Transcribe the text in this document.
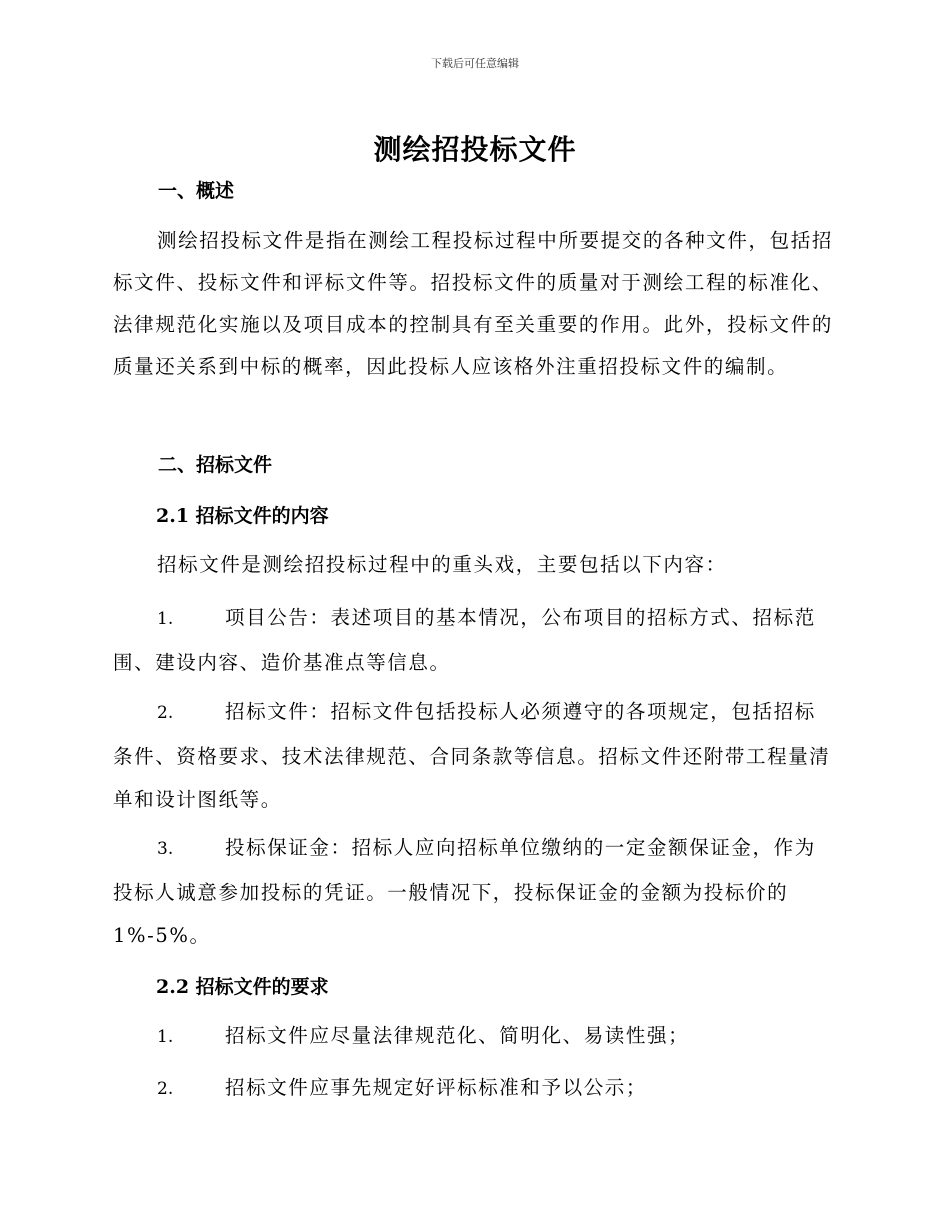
下载后可任意编辑
测绘招投标文件
一、概述
测绘招投标文件是指在测绘工程投标过程中所要提交的各种文件，包括招标文件、投标文件和评标文件等。招投标文件的质量对于测绘工程的标准化、法律规范化实施以及项目成本的控制具有至关重要的作用。此外，投标文件的质量还关系到中标的概率，因此投标人应该格外注重招投标文件的编制。
二、招标文件
2.1 招标文件的内容
招标文件是测绘招投标过程中的重头戏，主要包括以下内容：
1.	项目公告：表述项目的基本情况，公布项目的招标方式、招标范围、建设内容、造价基准点等信息。
2.	招标文件：招标文件包括投标人必须遵守的各项规定，包括招标条件、资格要求、技术法律规范、合同条款等信息。招标文件还附带工程量清单和设计图纸等。
3.	投标保证金：招标人应向招标单位缴纳的一定金额保证金，作为投标人诚意参加投标的凭证。一般情况下，投标保证金的金额为投标价的1%-5%。
2.2 招标文件的要求
1.	招标文件应尽量法律规范化、简明化、易读性强；
2.	招标文件应事先规定好评标标准和予以公示；
